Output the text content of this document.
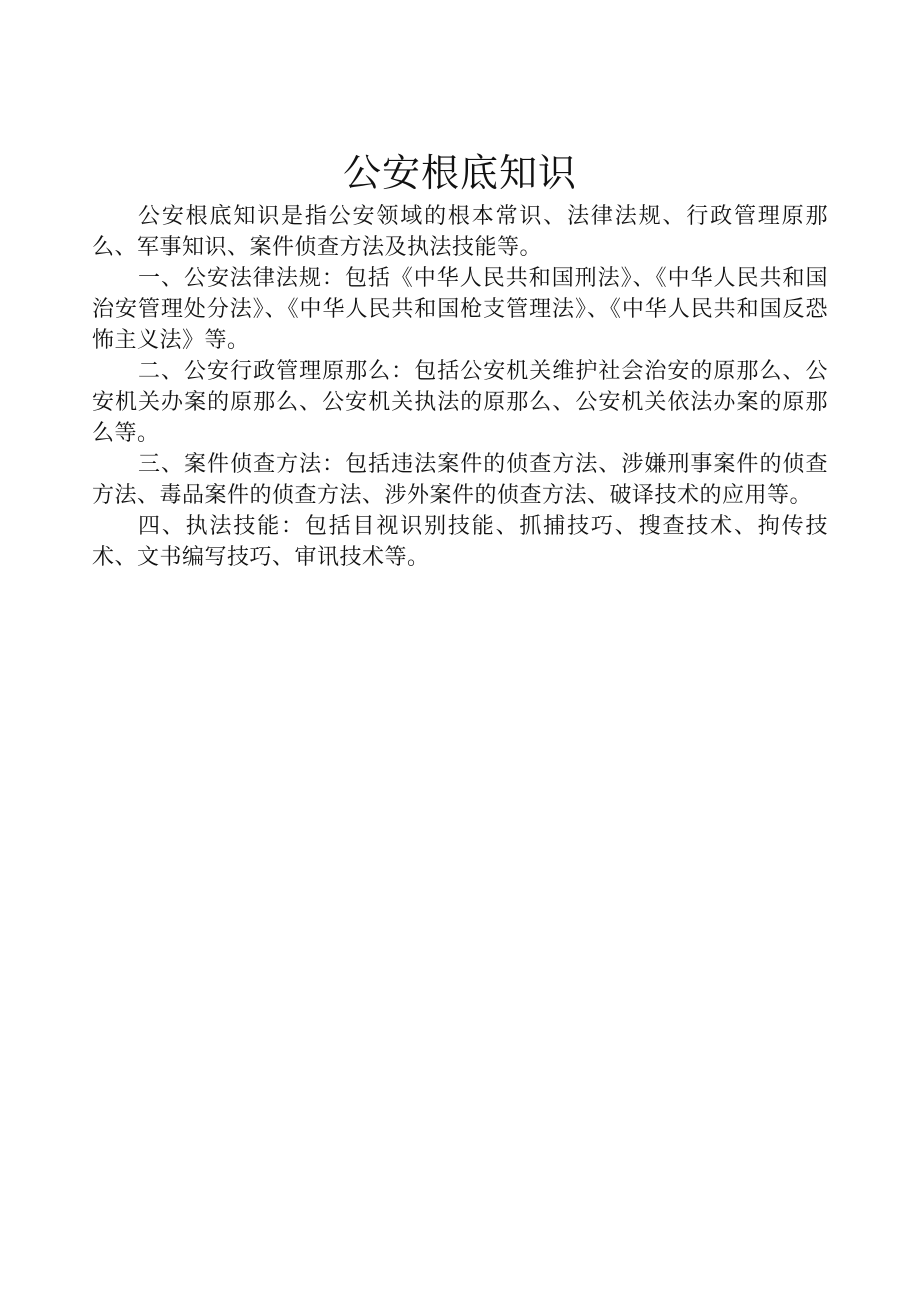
公安根底知识

公安根底知识是指公安领域的根本常识、法律法规、行政管理原那么、军事知识、案件侦查方法及执法技能等。

一、公安法律法规：包括《中华人民共和国刑法》、《中华人民共和国治安管理处分法》、《中华人民共和国枪支管理法》、《中华人民共和国反恐怖主义法》等。

二、公安行政管理原那么：包括公安机关维护社会治安的原那么、公安机关办案的原那么、公安机关执法的原那么、公安机关依法办案的原那么等。

三、案件侦查方法：包括违法案件的侦查方法、涉嫌刑事案件的侦查方法、毒品案件的侦查方法、涉外案件的侦查方法、破译技术的应用等。

四、执法技能：包括目视识别技能、抓捕技巧、搜查技术、拘传技术、文书编写技巧、审讯技术等。
